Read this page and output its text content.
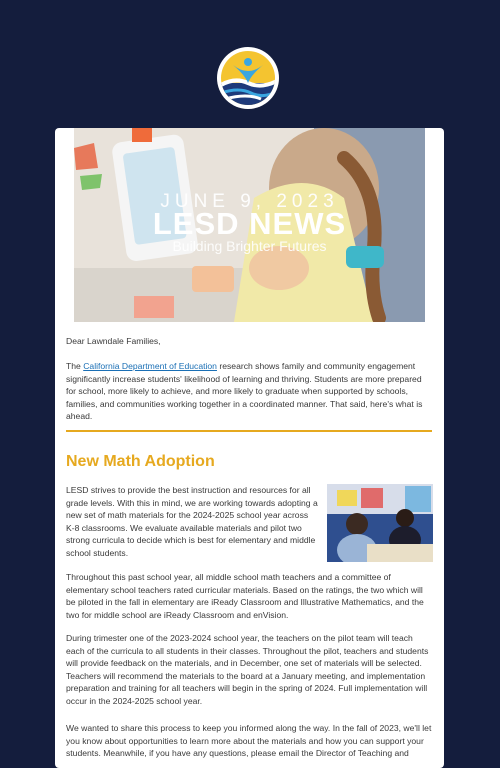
JUNE 9, 2023
LESD NEWS
Building Brighter Futures
Dear Lawndale Families,
The California Department of Education research shows family and community engagement significantly increase students' likelihood of learning and thriving. Students are more prepared for school, more likely to achieve, and more likely to graduate when supported by schools, families, and communities working together in a coordinated manner. That said, here's what is ahead.
New Math Adoption
LESD strives to provide the best instruction and resources for all grade levels. With this in mind, we are working towards adopting a new set of math materials for the 2024-2025 school year across K-8 classrooms. We evaluate available materials and pilot two strong curricula to decide which is best for elementary and middle school students.
Throughout this past school year, all middle school math teachers and a committee of elementary school teachers rated curricular materials. Based on the ratings, the two which will be piloted in the fall in elementary are iReady Classroom and Illustrative Mathematics, and the two for middle school are iReady Classroom and enVision.
During trimester one of the 2023-2024 school year, the teachers on the pilot team will teach each of the curricula to all students in their classes. Throughout the pilot, teachers and students will provide feedback on the materials, and in December, one set of materials will be selected. Teachers will recommend the materials to the board at a January meeting, and implementation preparation and training for all teachers will begin in the spring of 2024. Full implementation will occur in the 2024-2025 school year.
We wanted to share this process to keep you informed along the way. In the fall of 2023, we'll let you know about opportunities to learn more about the materials and how you can support your students. Meanwhile, if you have any questions, please email the Director of Teaching and
